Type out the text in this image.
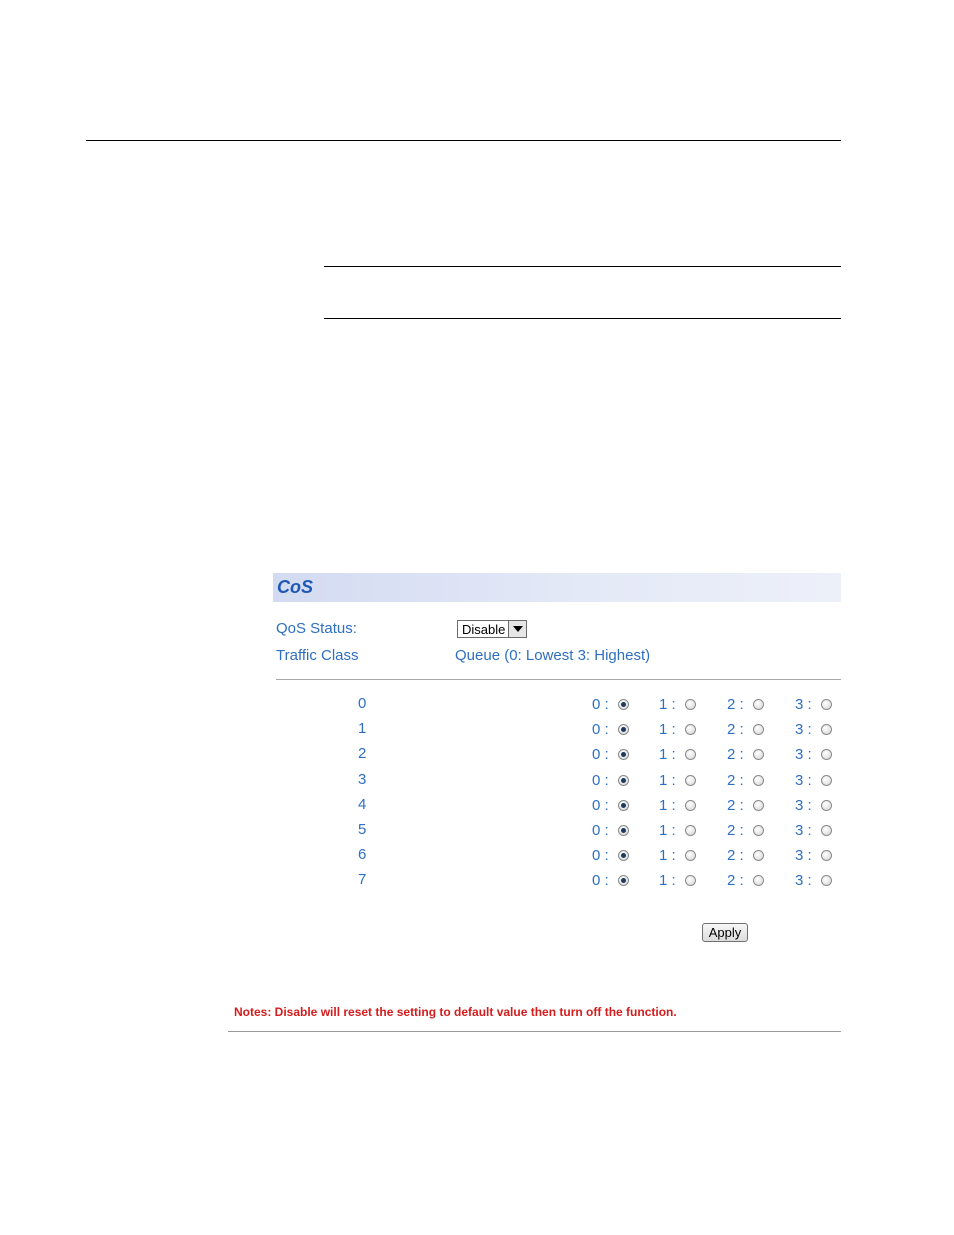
CoS
QoS Status:	Disable
Traffic Class	Queue (0: Lowest 3: Highest)
0	0 :	1 :	2 :	3 :
1	0 :	1 :	2 :	3 :
2	0 :	1 :	2 :	3 :
3	0 :	1 :	2 :	3 :
4	0 :	1 :	2 :	3 :
5	0 :	1 :	2 :	3 :
6	0 :	1 :	2 :	3 :
7	0 :	1 :	2 :	3 :
Apply
Notes: Disable will reset the setting to default value then turn off the function.
